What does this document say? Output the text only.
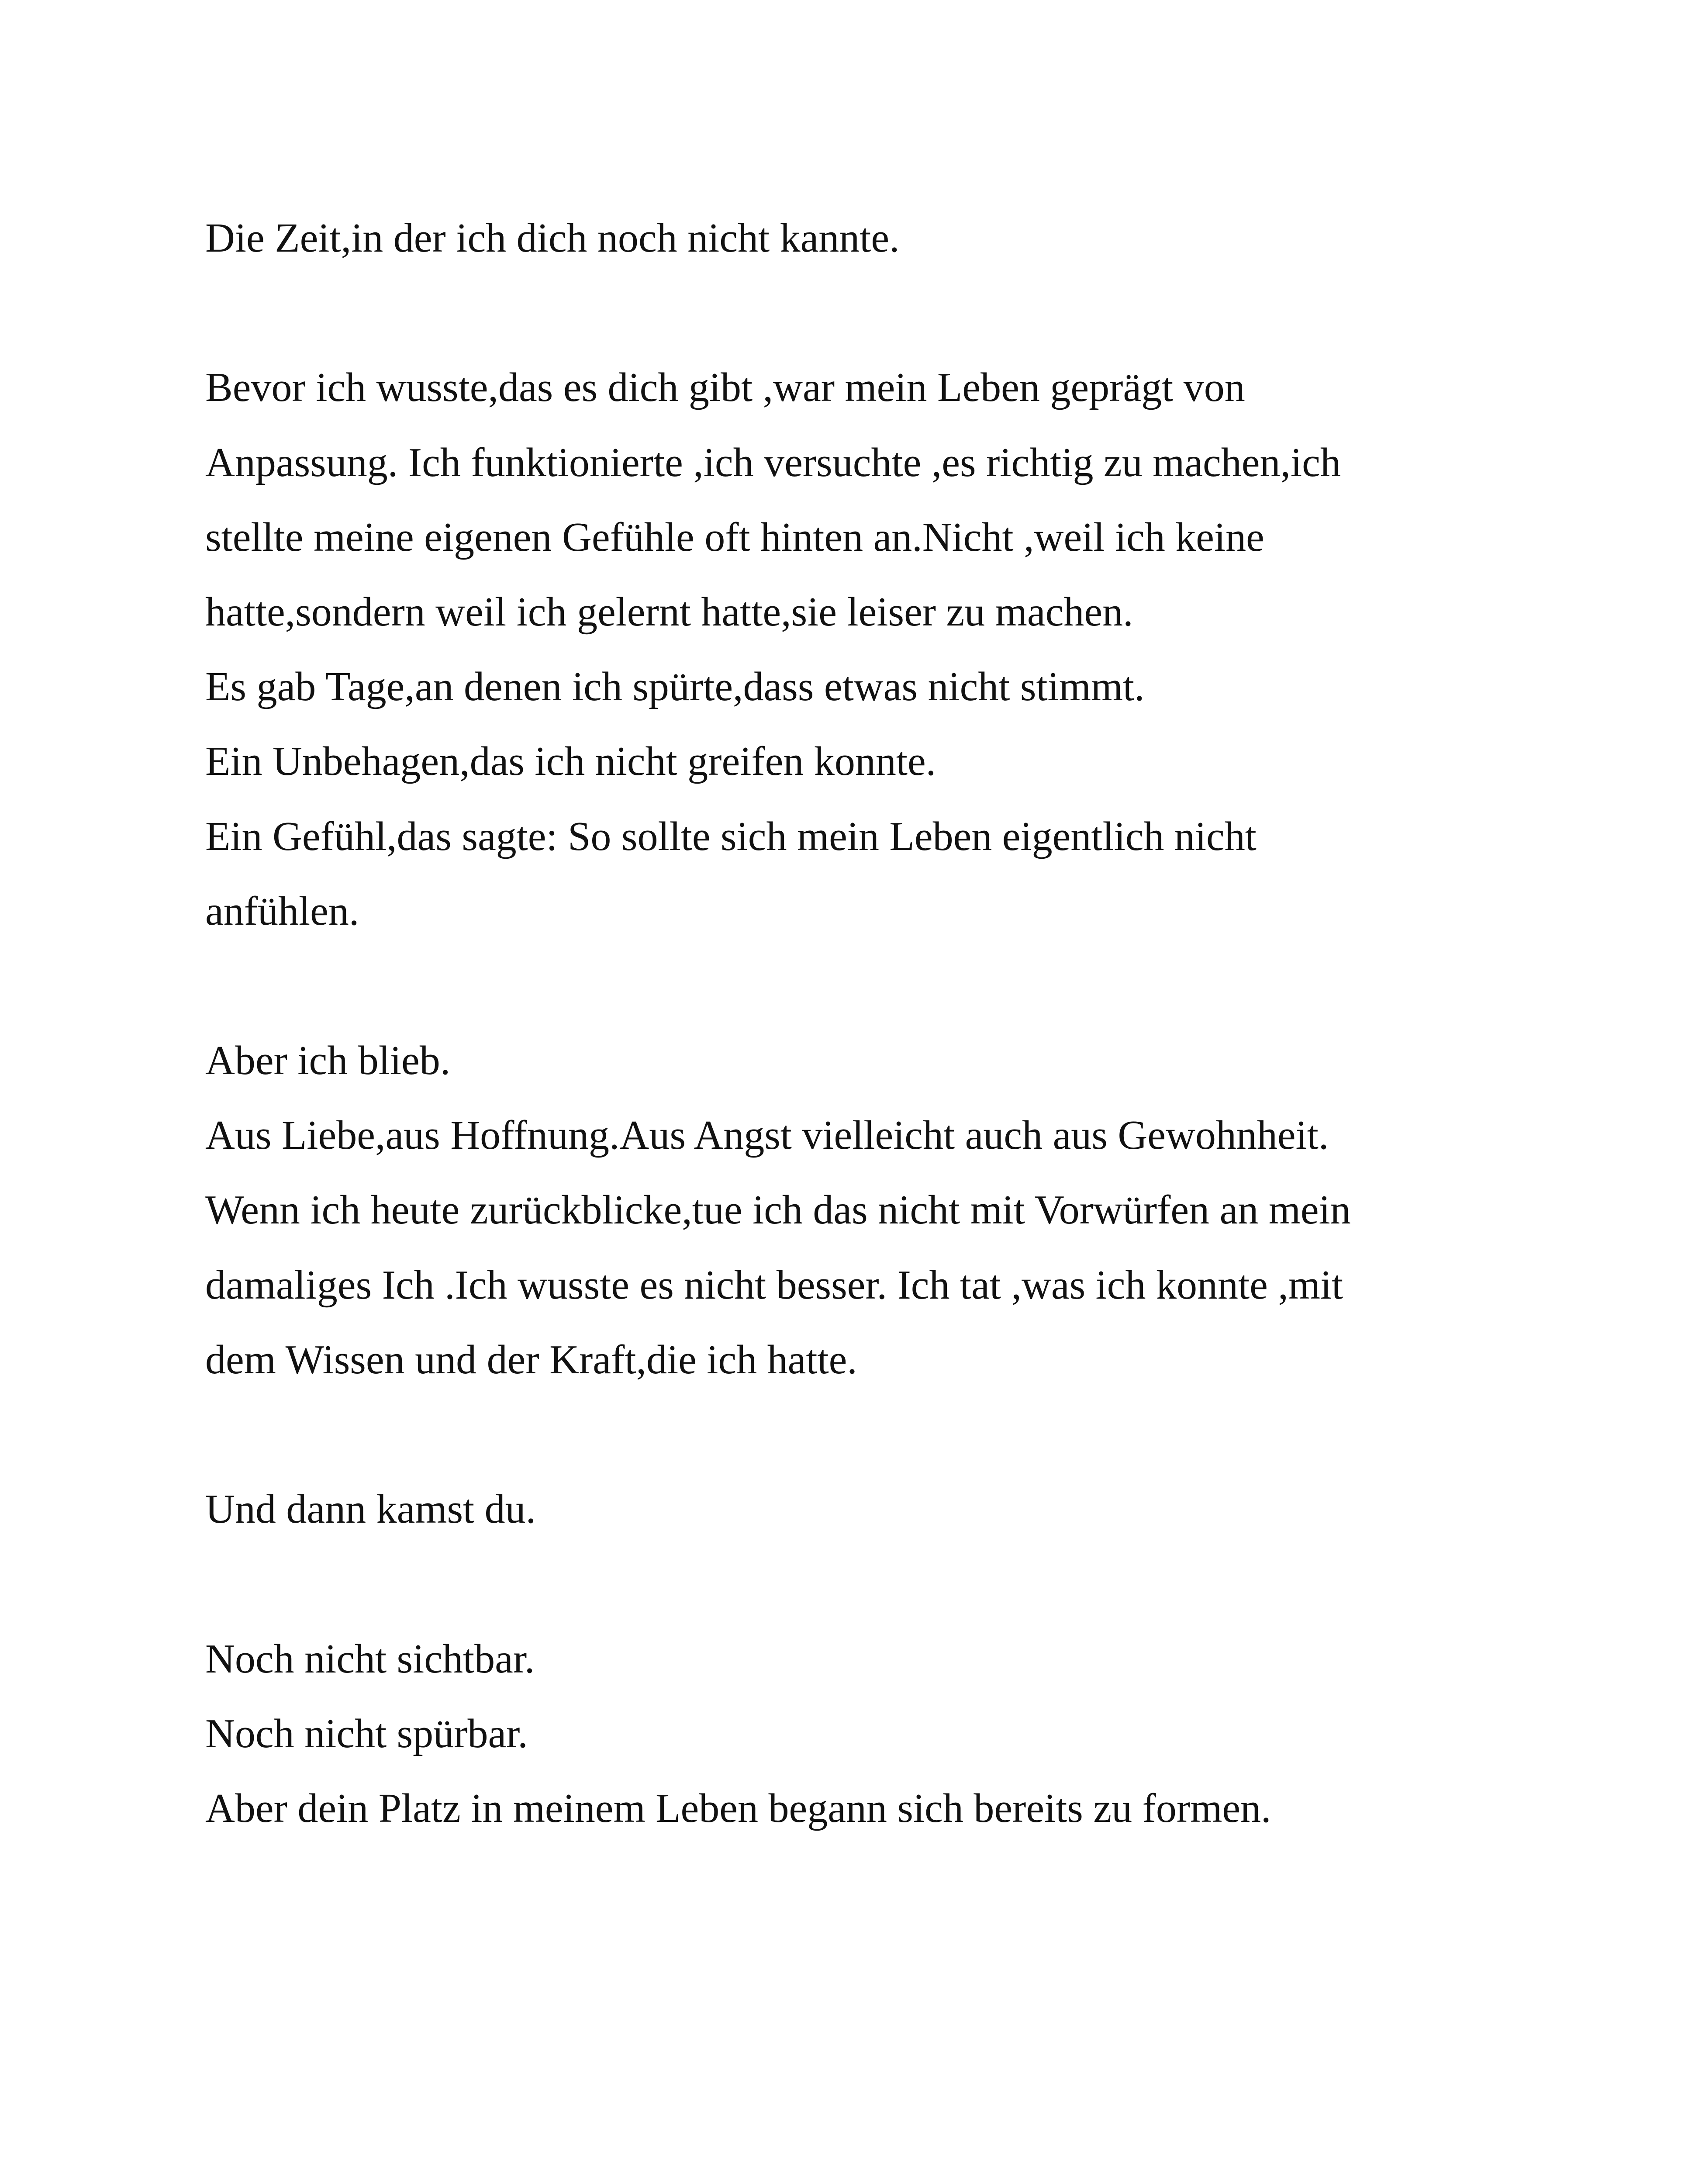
Die Zeit,in der ich dich noch nicht kannte.
Bevor ich wusste,das es dich gibt ,war mein Leben geprägt von
Anpassung. Ich funktionierte ,ich versuchte ,es richtig zu machen,ich
stellte meine eigenen Gefühle oft hinten an.Nicht ,weil ich keine
hatte,sondern weil ich gelernt hatte,sie leiser zu machen.
Es gab Tage,an denen ich spürte,dass etwas nicht stimmt.
Ein Unbehagen,das ich nicht greifen konnte.
Ein Gefühl,das sagte: So sollte sich mein Leben eigentlich nicht
anfühlen.
Aber ich blieb.
Aus Liebe,aus Hoffnung.Aus Angst vielleicht auch aus Gewohnheit.
Wenn ich heute zurückblicke,tue ich das nicht mit Vorwürfen an mein
damaliges Ich .Ich wusste es nicht besser. Ich tat ,was ich konnte ,mit
dem Wissen und der Kraft,die ich hatte.
Und dann kamst du.
Noch nicht sichtbar.
Noch nicht spürbar.
Aber dein Platz in meinem Leben begann sich bereits zu formen.
